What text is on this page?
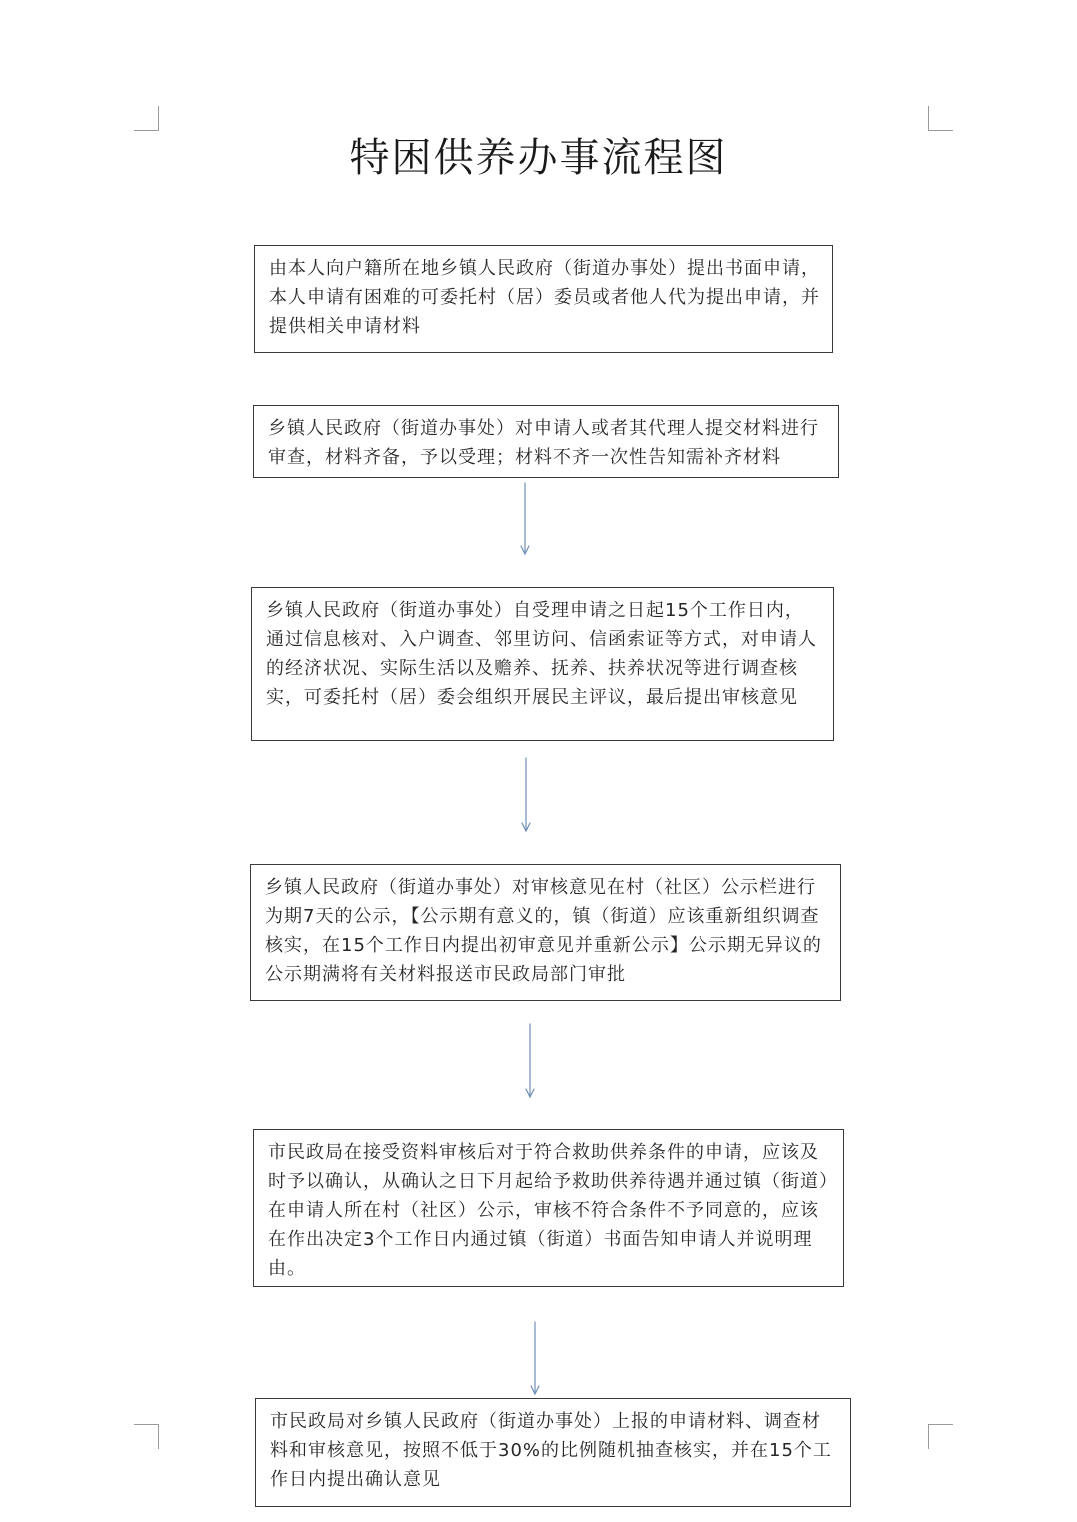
特困供养办事流程图
由本人向户籍所在地乡镇人民政府（街道办事处）提出书面申请，本人申请有困难的可委托村（居）委员或者他人代为提出申请，并提供相关申请材料
乡镇人民政府（街道办事处）对申请人或者其代理人提交材料进行审查，材料齐备，予以受理；材料不齐一次性告知需补齐材料
乡镇人民政府（街道办事处）自受理申请之日起15个工作日内，通过信息核对、入户调查、邻里访问、信函索证等方式，对申请人的经济状况、实际生活以及赡养、抚养、扶养状况等进行调查核实，可委托村（居）委会组织开展民主评议，最后提出审核意见
乡镇人民政府（街道办事处）对审核意见在村（社区）公示栏进行为期7天的公示，【公示期有意义的，镇（街道）应该重新组织调查核实，在15个工作日内提出初审意见并重新公示】公示期无异议的公示期满将有关材料报送市民政局部门审批
市民政局在接受资料审核后对于符合救助供养条件的申请，应该及时予以确认，从确认之日下月起给予救助供养待遇并通过镇（街道）在申请人所在村（社区）公示，审核不符合条件不予同意的，应该在作出决定3个工作日内通过镇（街道）书面告知申请人并说明理由。
市民政局对乡镇人民政府（街道办事处）上报的申请材料、调查材料和审核意见，按照不低于30%的比例随机抽查核实，并在15个工作日内提出确认意见
